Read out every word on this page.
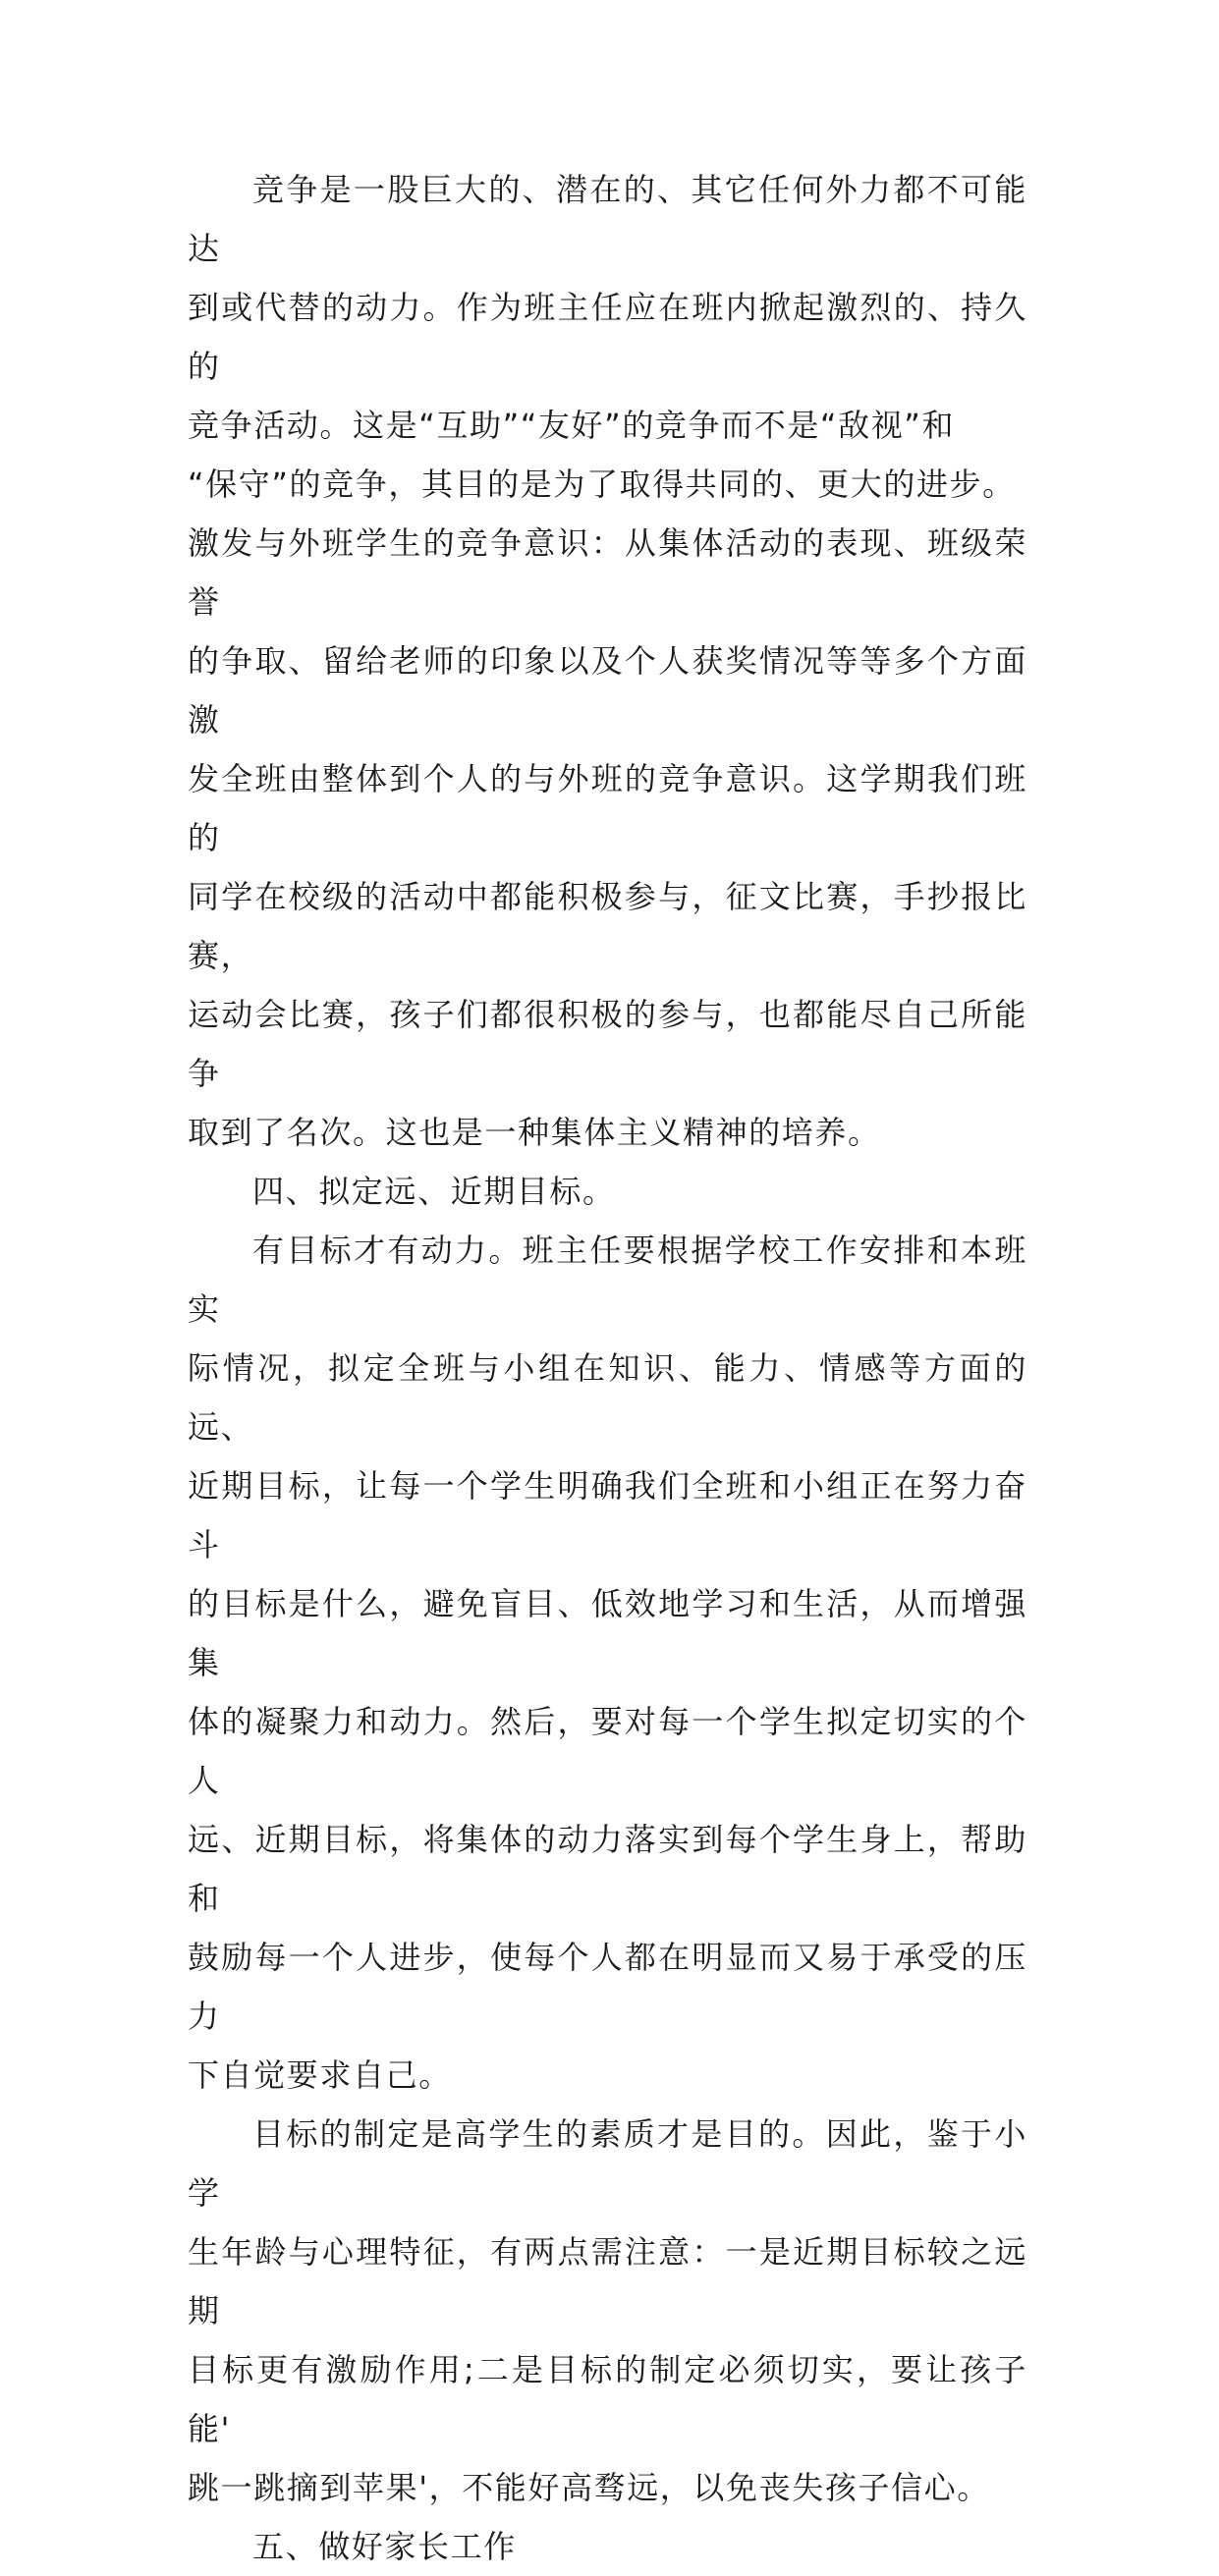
竞争是一股巨大的、潜在的、其它任何外力都不可能达
到或代替的动力。作为班主任应在班内掀起激烈的、持久的
竞争活动。这是“互助”“友好”的竞争而不是“敌视”和
“保守”的竞争，其目的是为了取得共同的、更大的进步。
激发与外班学生的竞争意识：从集体活动的表现、班级荣誉
的争取、留给老师的印象以及个人获奖情况等等多个方面激
发全班由整体到个人的与外班的竞争意识。这学期我们班的
同学在校级的活动中都能积极参与，征文比赛，手抄报比赛，
运动会比赛，孩子们都很积极的参与，也都能尽自己所能争
取到了名次。这也是一种集体主义精神的培养。

四、拟定远、近期目标。

有目标才有动力。班主任要根据学校工作安排和本班实
际情况，拟定全班与小组在知识、能力、情感等方面的远、
近期目标，让每一个学生明确我们全班和小组正在努力奋斗
的目标是什么，避免盲目、低效地学习和生活，从而增强集
体的凝聚力和动力。然后，要对每一个学生拟定切实的个人
远、近期目标，将集体的动力落实到每个学生身上，帮助和
鼓励每一个人进步，使每个人都在明显而又易于承受的压力
下自觉要求自己。

目标的制定是高学生的素质才是目的。因此，鉴于小学
生年龄与心理特征，有两点需注意：一是近期目标较之远期
目标更有激励作用;二是目标的制定必须切实，要让孩子能'
跳一跳摘到苹果'，不能好高骛远，以免丧失孩子信心。

五、做好家长工作
